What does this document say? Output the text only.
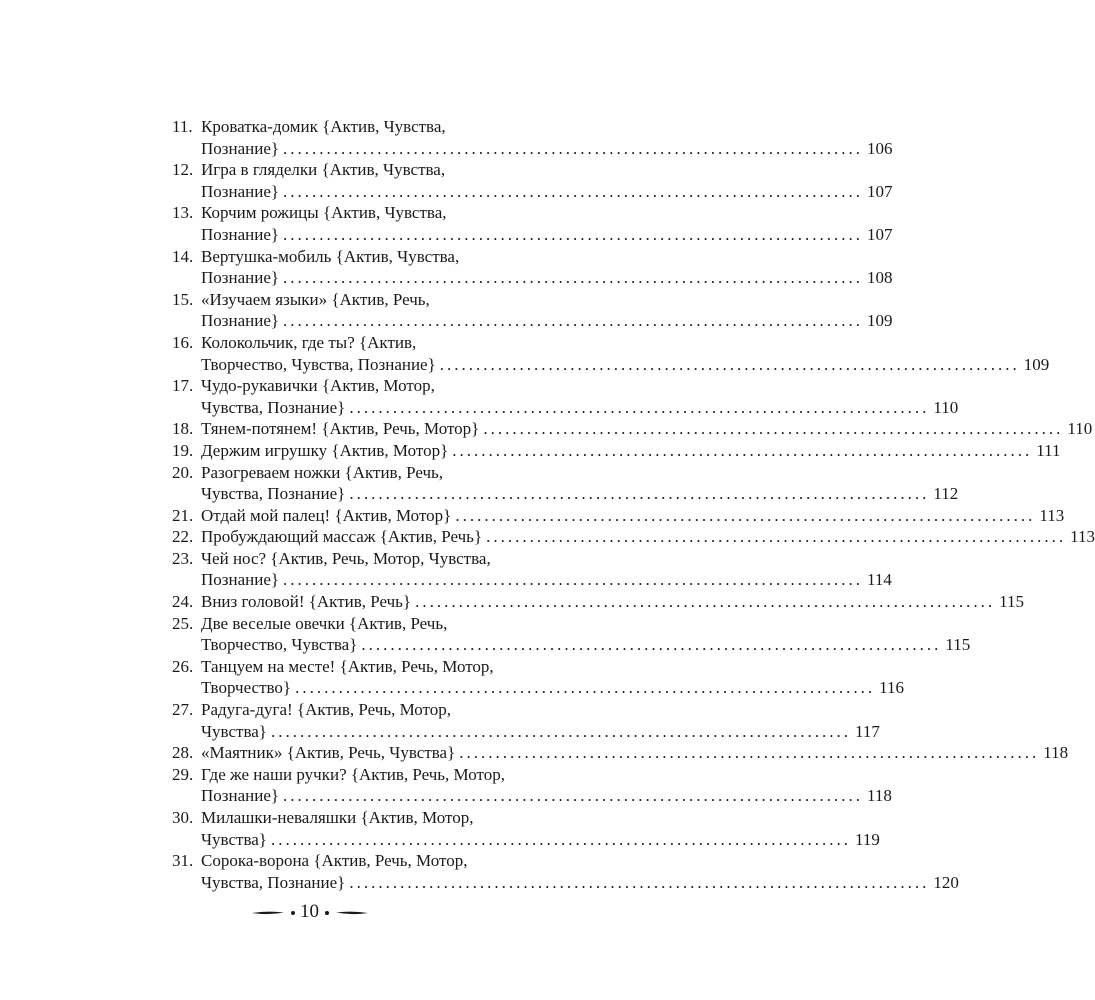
11. Кроватка-домик {Актив, Чувства,
Познание} ................................................................................ 106
12. Игра в гляделки {Актив, Чувства,
Познание} ................................................................................ 107
13. Корчим рожицы {Актив, Чувства,
Познание} ................................................................................ 107
14. Вертушка-мобиль {Актив, Чувства,
Познание} ................................................................................ 108
15. «Изучаем языки» {Актив, Речь,
Познание} ................................................................................ 109
16. Колокольчик, где ты? {Актив,
Творчество, Чувства, Познание} ................................................................................ 109
17. Чудо-рукавички {Актив, Мотор,
Чувства, Познание} ................................................................................ 110
18. Тянем-потянем! {Актив, Речь, Мотор} ................................................................................ 110
19. Держим игрушку {Актив, Мотор} ................................................................................ 111
20. Разогреваем ножки {Актив, Речь,
Чувства, Познание} ................................................................................ 112
21. Отдай мой палец! {Актив, Мотор} ................................................................................ 113
22. Пробуждающий массаж {Актив, Речь} ................................................................................ 113
23. Чей нос? {Актив, Речь, Мотор, Чувства,
Познание} ................................................................................ 114
24. Вниз головой! {Актив, Речь} ................................................................................ 115
25. Две веселые овечки {Актив, Речь,
Творчество, Чувства} ................................................................................ 115
26. Танцуем на месте! {Актив, Речь, Мотор,
Творчество} ................................................................................ 116
27. Радуга-дуга! {Актив, Речь, Мотор,
Чувства} ................................................................................ 117
28. «Маятник» {Актив, Речь, Чувства} ................................................................................ 118
29. Где же наши ручки? {Актив, Речь, Мотор,
Познание} ................................................................................ 118
30. Милашки-неваляшки {Актив, Мотор,
Чувства} ................................................................................ 119
31. Сорока-ворона {Актив, Речь, Мотор,
Чувства, Познание} ................................................................................ 120
10
